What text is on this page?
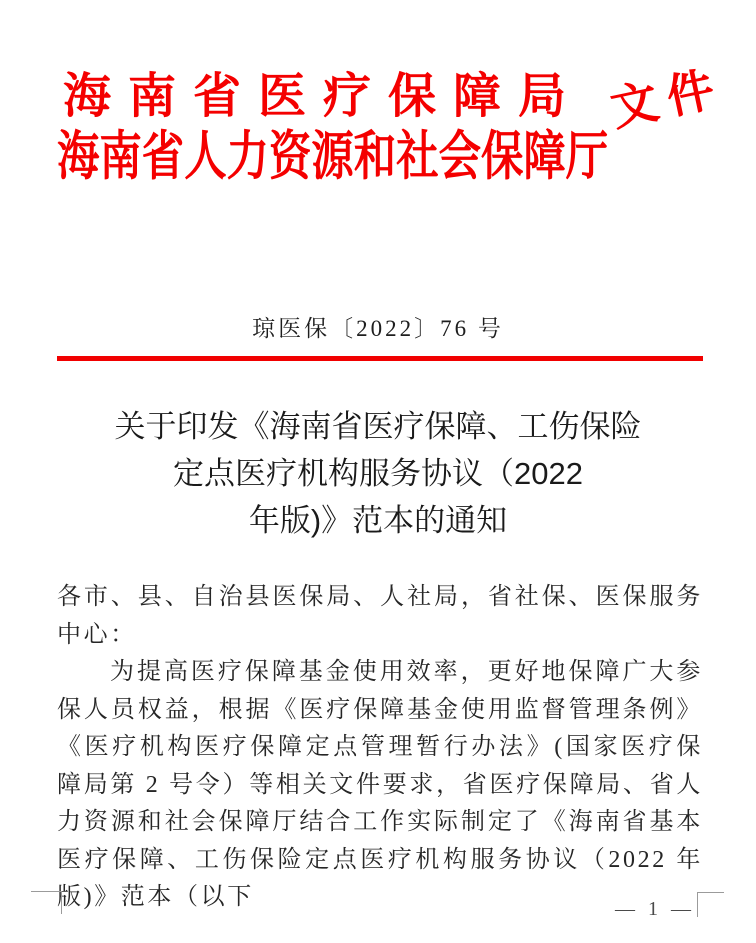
海南省医疗保障局
海南省人力资源和社会保障厅
文件
琼医保〔2022〕76 号
关于印发《海南省医疗保障、工伤保险
定点医疗机构服务协议（2022
年版)》范本的通知

各市、县、自治县医保局、人社局，省社保、医保服务中心：

为提高医疗保障基金使用效率，更好地保障广大参保人员权益，根据《医疗保障基金使用监督管理条例》《医疗机构医疗保障定点管理暂行办法》(国家医疗保障局第 2 号令）等相关文件要求，省医疗保障局、省人力资源和社会保障厅结合工作实际制定了《海南省基本医疗保障、工伤保险定点医疗机构服务协议（2022 年版)》范本（以下	— 1 —
